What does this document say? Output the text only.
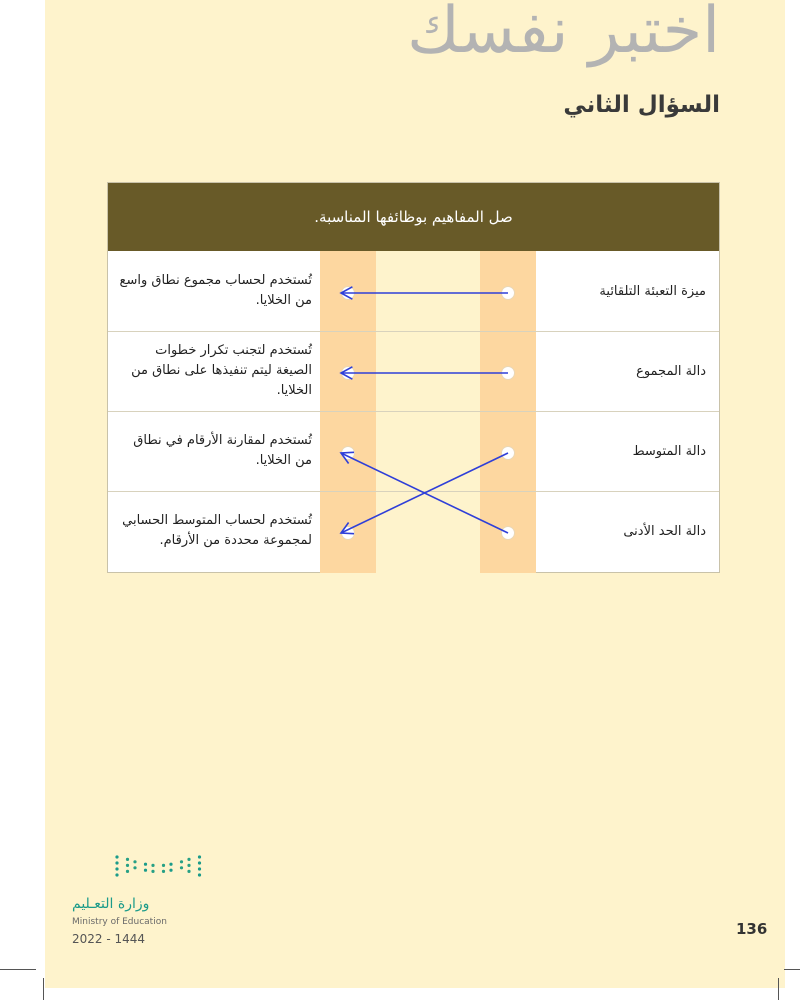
اختبر نفسك
السؤال الثاني
صل المفاهيم بوظائفها المناسبة.
تُستخدم لحساب مجموع نطاق واسع من الخلايا.
تُستخدم لتجنب تكرار خطوات الصيغة ليتم تنفيذها على نطاق من الخلايا.
تُستخدم لمقارنة الأرقام في نطاق من الخلايا.
تُستخدم لحساب المتوسط الحسابي لمجموعة محددة من الأرقام.
ميزة التعبئة التلقائية
دالة المجموع
دالة المتوسط
دالة الحد الأدنى
وزارة التعـليم
Ministry of Education
2022 - 1444
136
